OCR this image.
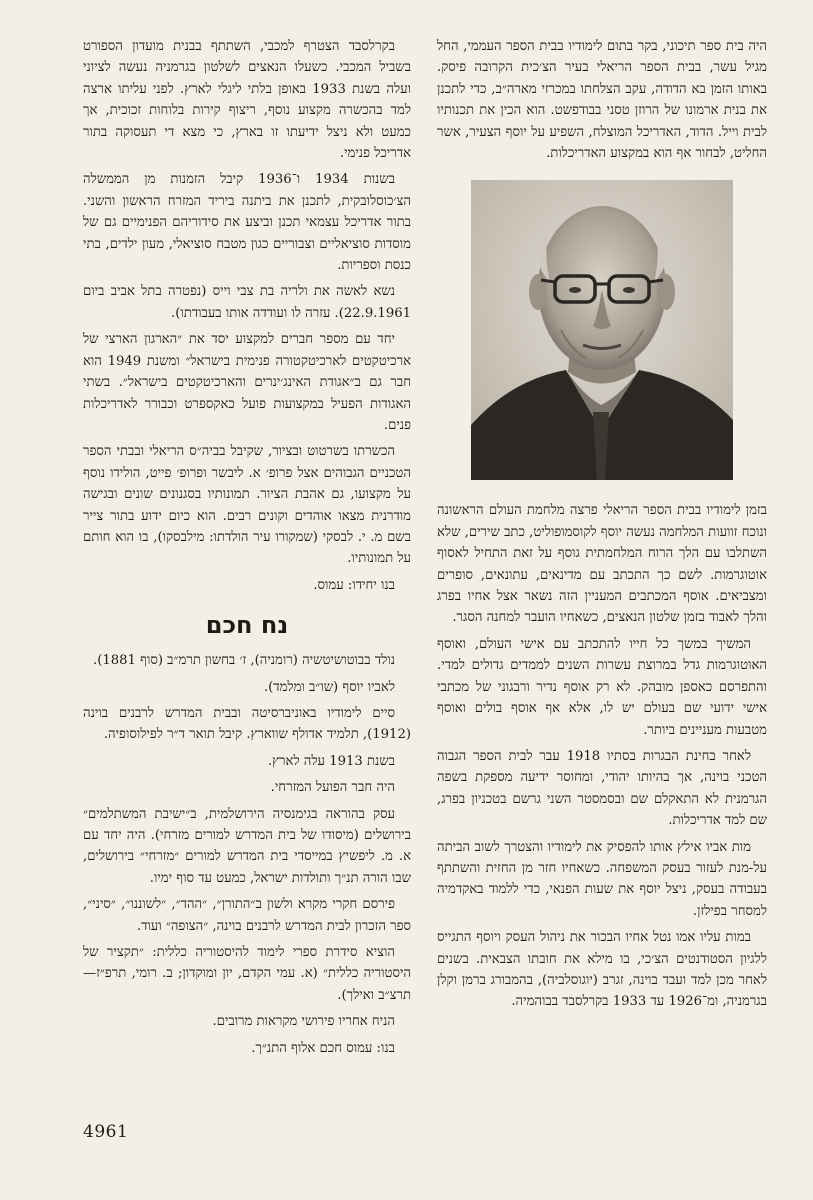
היה בית ספר תיכוני, בקר בתום לימודיו בבית הספר העממי, החל מגיל עשר, בבית הספר הריאלי בעיר הצ׳כית הקרובה פיסק. באותו הזמן בא הדודה, עקב הצלחתו במכרזי מארה״ב, כדי לתכנן את בנית ארמונו של הרוזן טסני בבודפשט. הוא הכין את תכנותיו לבית וייל. הדוד, האדריכל המוצלח, השפיע על יוסף הצעיר, אשר החליט, לבחור אף הוא במקצוע האדריכלות.

בזמן לימודיו בבית הספר הריאלי פרצה מלחמת העולם הראשונה ונוכח זוועות המלחמה נעשה יוסף לקוסמופוליט, כתב שירים, שלא השתלבו עם הלך הרוח המלחמתית גוסף על זאת התחיל לאסוף אוטוגרמות. לשם כך התכתב עם מדינאים, עתונאים, סופרים ומצביאים. אוסף המכתבים המעניין הזה נשאר אצל אחיו בפרג והלך לאבוד בזמן שלטון הנאצים, כשאחיו הועבר למחנה הסגר.

המשיך במשך כל חייו להתכתב עם אישי העולם, ואוסף האוטוגרמות גדל במרוצת עשרות השנים לממדים גדולים למדי. והתפרסם כאספן מובהק. לא רק אוסף נדיר ורבגוני של מכתבי אישי ידועי שם בעולם יש לו, אלא אף אוסף בולים ואוסף מטבעות מעניינים ביותר.

לאחר בחינת הבגרות בסתיו 1918 עבר לבית הספר הגבוה הטכני בוינה, אך בהיותו יהודי, ומחוסר ידיעה מספקת בשפה הגרמנית לא התאקלם שם ובסמסטר השני גרשם בטכניון בפרג, שם למד אדריכלות.

מות אביו אילץ אותו להפסיק את לימודיו והצטרך לשוב הביתה על-מנת לעזור בעסק המשפחה. כשאחיו חזר מן החזית והשתתף בעבודה בעסק, ניצל יוסף את שעות הפנאי, כדי ללמוד באקדמיה למסחר בפילזן.

במות עליו אמו נטל אחיו הבכור את ניהול העסק ויוסף התגייס ללגיון הסטודנטים הצ׳כי, בו מילא את חובתו הצבאית. בשנים לאחר מכן למד ועבד בוינה, זגרב (יוגוסלביה), בהמבורג ברמן וקלן בגרמניה, ומ־1926 עד 1933 בקרלסבד בבוהמיה.

בקרלסבד הצטרף למכבי, השתתף בבנית מועדון הספורט בשביל המכבי. כשעלו הנאצים לשלטון בגרמניה נעשה לציוני ועלה בשנת 1933 באופן בלתי ליגלי לארץ. לפני עליתו ארצה למד בהכשרה מקצוע נוסף, ריצוף קירות בלוחות זכוכית, אך כמעט ולא ניצל ידיעתו זו בארץ, כי מצא די תעסוקה בתור אדריכל פנימי.

בשנות 1934 ו־1936 קיבל הזמנות מן הממשלה הצ׳כוסלובקית, לתכנן את ביתנה ביריד המזרח הראשון והשני. בתור אדריכל עצמאי תכנן וביצע את סידוריהם הפנימיים גם של מוסדות סוציאליים וצבוריים כגון מטבח סוציאלי, מעון ילדים, בתי כנסת וספריות.

נשא לאשה את ולריה בת צבי וייס (נפטרה בתל אביב ביום 22.9.1961). עזרה לו ועודדה אותו בעבודתו).

יחד עם מספר חברים למקצוע יסד את ״הארגון הארצי של ארכיטקטים לארכיטקטורה פנימית בישראל״ ומשנת 1949 הוא חבר גם ב״אגודת האינג׳ינרים והארכיטקטים בישראל״. בשתי האגודות הפעיל במקצועות פועל כאקספרט וכבורר לאדריכלות פנים.

הכשרתו בשרטוט ובציור, שקיבל בביה״ס הריאלי ובבתי הספר הטכניים הגבוהים אצל פרופ׳ א. ליבשר ופרופ׳ פייט, הולידו נוסף על מקצועו, גם אהבת הציור. תמונותיו בסגנונים שונים ובגישה מודרנית מצאו אוהדים וקונים רבים. הוא כיום ידוע בתור צייר בשם מ. י. לבסקי (שמקורו עיר הולדתו: מילבסקו), בו הוא חותם על תמונותיו.

בנו יחידו: עמוס.

נח חכם

נולד בבוטושיטשיה (רומניה), ז׳ בחשון תרמ״ב (סוף 1881).

לאביו יוסף (שו״ב ומלמד).

סיים לימודיו באוניברסיטה ובבית המדרש לרבנים בוינה (1912), תלמיד אדולף שווארץ. קיבל תואר ד״ר לפילוסופיה.

בשנת 1913 עלה לארץ.

היה חבר הפועל המזרחי.

עסק בהוראה בגימנסיה הירושלמית, ב״ישיבת המשתלמים״ בירושלים (מיסודו של בית המדרש למורים מזרחי). היה יחד עם א. מ. ליפשיץ במייסדי בית המדרש למורים ״מזרחי״ בירושלים, שבו הורה תנ״ך ותולדות ישראל, כמעט עד סוף ימיו.

פירסם חקרי מקרא ולשון ב״התורן״, ״ההד״, ״לשוננו״, ״סיני״, ספר הזכרון לבית המדרש לרבנים בוינה, ״הצופה״ ועוד.

הוציא סידרת ספרי לימוד להיסטוריה כללית: ״תקציר של היסטוריה כללית״ (א. עמי הקדם, יון ומוקדון; ב. רומי, תרפ״ז—תרצ״ב ואילך).

הניח אחריו פירושי מקראות מרובים.

בנו: עמוס חכם אלוף התנ״ך.

4961
